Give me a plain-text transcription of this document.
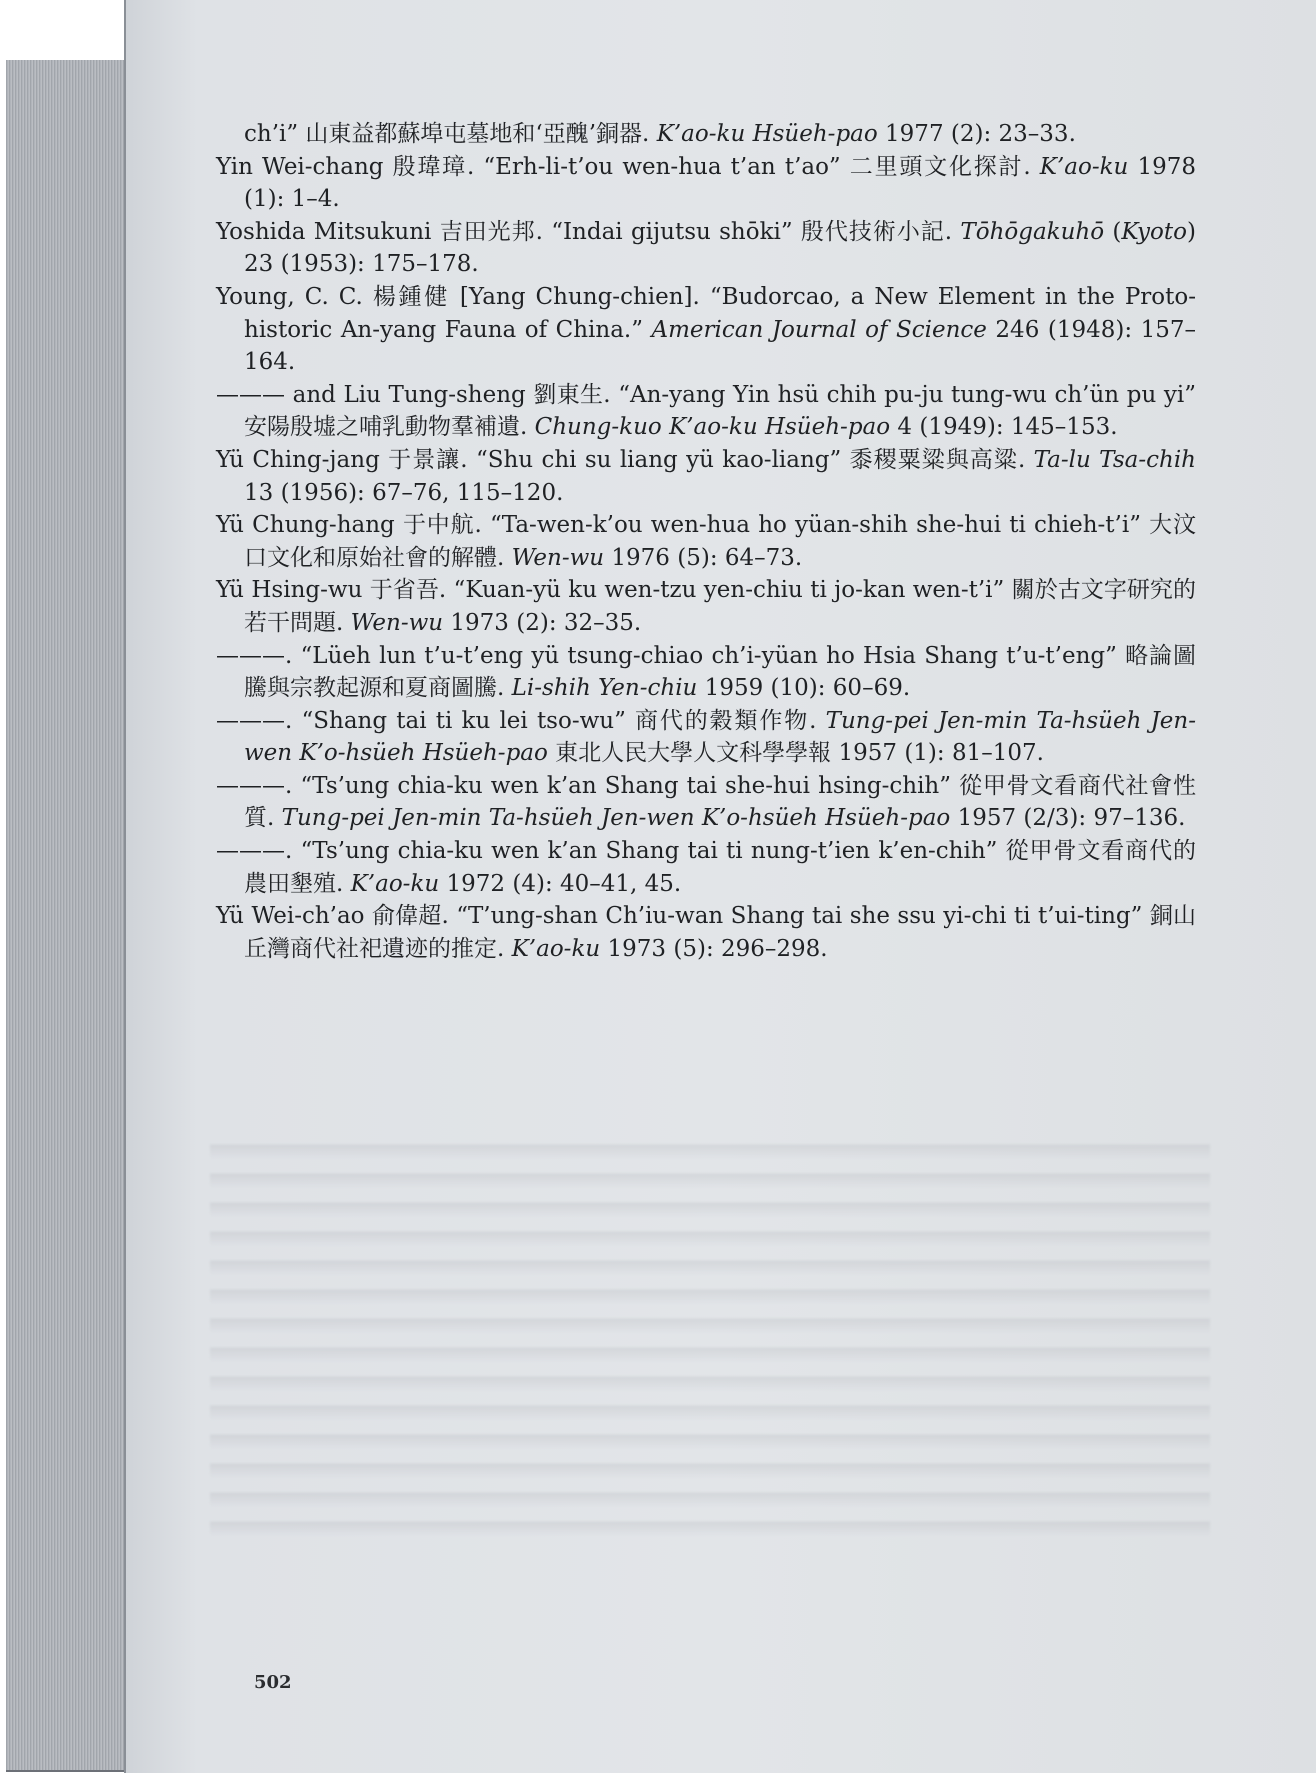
ch’i” 山東益都蘇埠屯墓地和‘亞醜’銅器. K’ao-ku Hsüeh-pao 1977 (2): 23–33.
Yin Wei-chang 殷瑋璋. “Erh-li-t’ou wen-hua t’an t’ao” 二里頭文化探討. K’ao-ku 1978 (1): 1–4.
Yoshida Mitsukuni 吉田光邦. “Indai gijutsu shōki” 殷代技術小記. Tōhōgakuhō (Kyoto) 23 (1953): 175–178.
Young, C. C. 楊鍾健 [Yang Chung-chien]. “Budorcao, a New Element in the Proto-historic An-yang Fauna of China.” American Journal of Science 246 (1948): 157–164.
——— and Liu Tung-sheng 劉東生. “An-yang Yin hsü chih pu-ju tung-wu ch’ün pu yi” 安陽殷墟之哺乳動物羣補遺. Chung-kuo K’ao-ku Hsüeh-pao 4 (1949): 145–153.
Yü Ching-jang 于景讓. “Shu chi su liang yü kao-liang” 黍稷粟粱與高粱. Ta-lu Tsa-chih 13 (1956): 67–76, 115–120.
Yü Chung-hang 于中航. “Ta-wen-k’ou wen-hua ho yüan-shih she-hui ti chieh-t’i” 大汶口文化和原始社會的解體. Wen-wu 1976 (5): 64–73.
Yü Hsing-wu 于省吾. “Kuan-yü ku wen-tzu yen-chiu ti jo-kan wen-t’i” 關於古文字研究的若干問題. Wen-wu 1973 (2): 32–35.
———. “Lüeh lun t’u-t’eng yü tsung-chiao ch’i-yüan ho Hsia Shang t’u-t’eng” 略論圖騰與宗教起源和夏商圖騰. Li-shih Yen-chiu 1959 (10): 60–69.
———. “Shang tai ti ku lei tso-wu” 商代的穀類作物. Tung-pei Jen-min Ta-hsüeh Jen-wen K’o-hsüeh Hsüeh-pao 東北人民大學人文科學學報 1957 (1): 81–107.
———. “Ts’ung chia-ku wen k’an Shang tai she-hui hsing-chih” 從甲骨文看商代社會性質. Tung-pei Jen-min Ta-hsüeh Jen-wen K’o-hsüeh Hsüeh-pao 1957 (2/3): 97–136.
———. “Ts’ung chia-ku wen k’an Shang tai ti nung-t’ien k’en-chih” 從甲骨文看商代的農田墾殖. K’ao-ku 1972 (4): 40–41, 45.
Yü Wei-ch’ao 俞偉超. “T’ung-shan Ch’iu-wan Shang tai she ssu yi-chi ti t’ui-ting” 銅山丘灣商代社祀遺迹的推定. K’ao-ku 1973 (5): 296–298.
502
